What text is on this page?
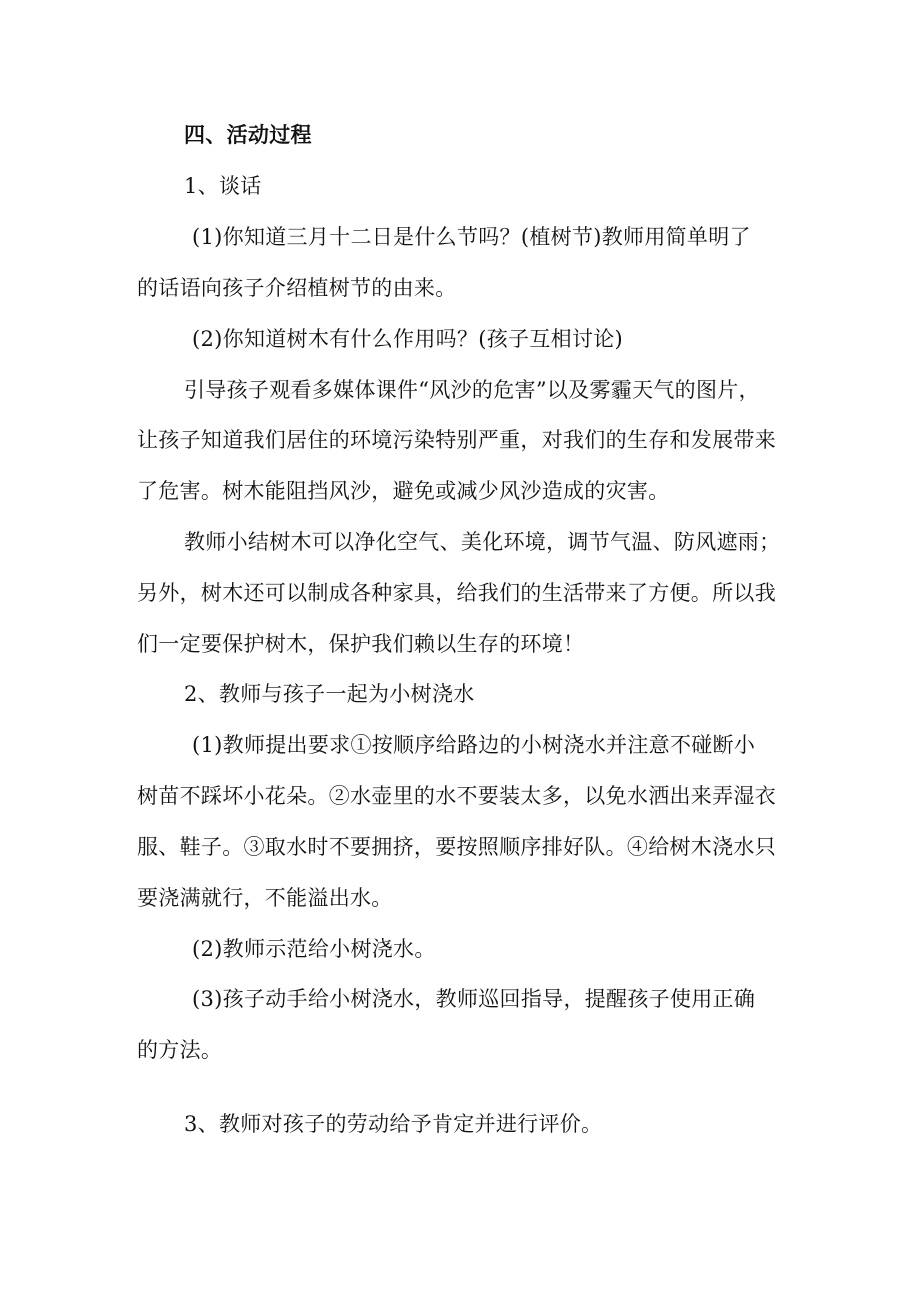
四、活动过程
1、谈话
(1)你知道三月十二日是什么节吗？(植树节)教师用简单明了
的话语向孩子介绍植树节的由来。
(2)你知道树木有什么作用吗？(孩子互相讨论)
引导孩子观看多媒体课件“风沙的危害”以及雾霾天气的图片，
让孩子知道我们居住的环境污染特别严重，对我们的生存和发展带来
了危害。树木能阻挡风沙，避免或减少风沙造成的灾害。
教师小结树木可以净化空气、美化环境，调节气温、防风遮雨；
另外，树木还可以制成各种家具，给我们的生活带来了方便。所以我
们一定要保护树木，保护我们赖以生存的环境！
2、教师与孩子一起为小树浇水
(1)教师提出要求①按顺序给路边的小树浇水并注意不碰断小
树苗不踩坏小花朵。②水壶里的水不要装太多，以免水洒出来弄湿衣
服、鞋子。③取水时不要拥挤，要按照顺序排好队。④给树木浇水只
要浇满就行，不能溢出水。
(2)教师示范给小树浇水。
(3)孩子动手给小树浇水，教师巡回指导，提醒孩子使用正确
的方法。
3、教师对孩子的劳动给予肯定并进行评价。
